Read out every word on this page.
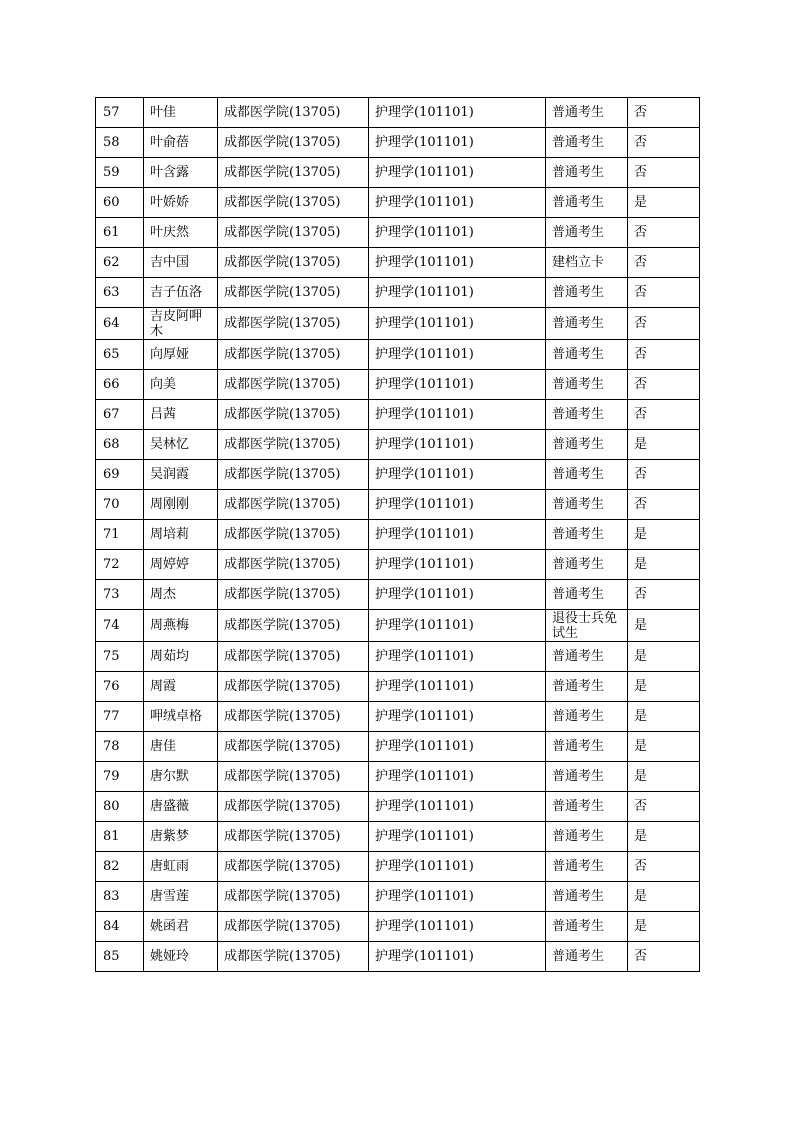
57	叶佳	成都医学院(13705)	护理学(101101)	普通考生	否
58	叶俞蓓	成都医学院(13705)	护理学(101101)	普通考生	否
59	叶含露	成都医学院(13705)	护理学(101101)	普通考生	否
60	叶娇娇	成都医学院(13705)	护理学(101101)	普通考生	是
61	叶庆然	成都医学院(13705)	护理学(101101)	普通考生	否
62	吉中国	成都医学院(13705)	护理学(101101)	建档立卡	否
63	吉子伍洛	成都医学院(13705)	护理学(101101)	普通考生	否
64	吉皮阿呷木	成都医学院(13705)	护理学(101101)	普通考生	否
65	向厚娅	成都医学院(13705)	护理学(101101)	普通考生	否
66	向美	成都医学院(13705)	护理学(101101)	普通考生	否
67	吕茜	成都医学院(13705)	护理学(101101)	普通考生	否
68	吴林忆	成都医学院(13705)	护理学(101101)	普通考生	是
69	吴润霞	成都医学院(13705)	护理学(101101)	普通考生	否
70	周刚刚	成都医学院(13705)	护理学(101101)	普通考生	否
71	周培莉	成都医学院(13705)	护理学(101101)	普通考生	是
72	周婷婷	成都医学院(13705)	护理学(101101)	普通考生	是
73	周杰	成都医学院(13705)	护理学(101101)	普通考生	否
74	周燕梅	成都医学院(13705)	护理学(101101)	退役士兵免试生	是
75	周茹均	成都医学院(13705)	护理学(101101)	普通考生	是
76	周霞	成都医学院(13705)	护理学(101101)	普通考生	是
77	呷绒卓格	成都医学院(13705)	护理学(101101)	普通考生	是
78	唐佳	成都医学院(13705)	护理学(101101)	普通考生	是
79	唐尔默	成都医学院(13705)	护理学(101101)	普通考生	是
80	唐盛薇	成都医学院(13705)	护理学(101101)	普通考生	否
81	唐紫梦	成都医学院(13705)	护理学(101101)	普通考生	是
82	唐虹雨	成都医学院(13705)	护理学(101101)	普通考生	否
83	唐雪莲	成都医学院(13705)	护理学(101101)	普通考生	是
84	姚函君	成都医学院(13705)	护理学(101101)	普通考生	是
85	姚娅玲	成都医学院(13705)	护理学(101101)	普通考生	否
